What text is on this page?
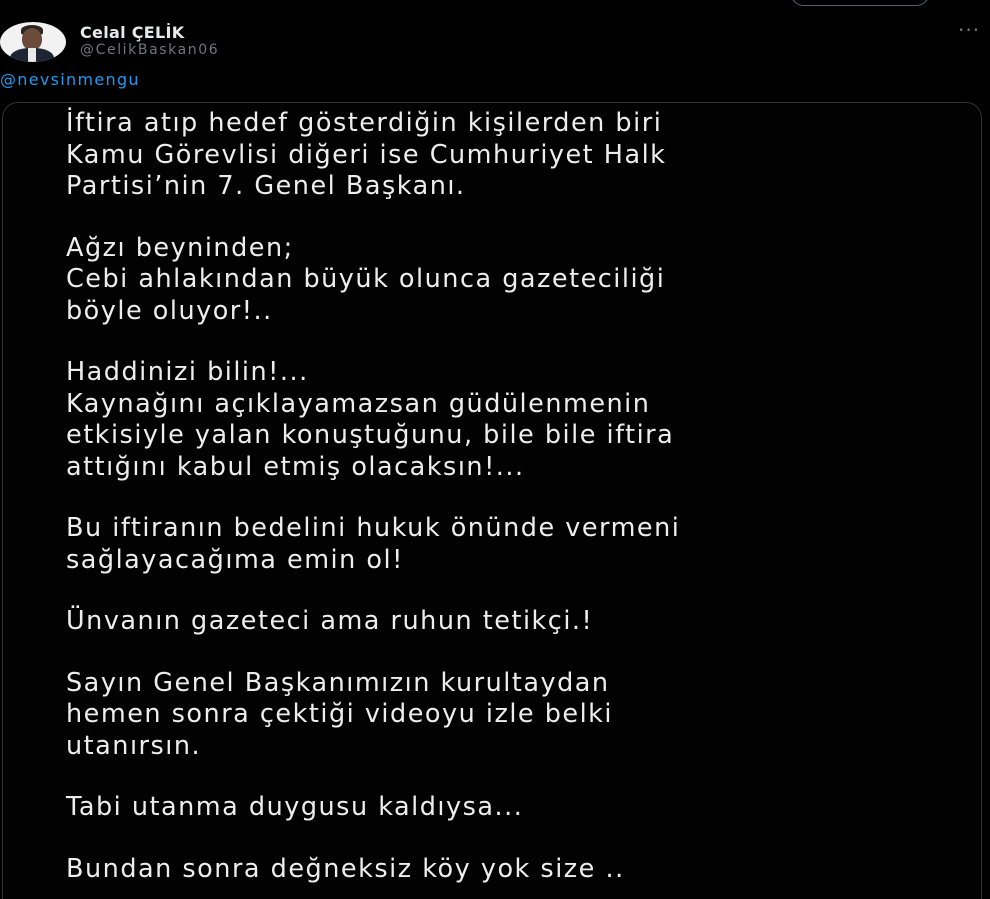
Celal ÇELİK
@CelikBaskan06
···
@nevsinmengu
İftira atıp hedef gösterdiğin kişilerden biri
Kamu Görevlisi diğeri ise Cumhuriyet Halk
Partisi’nin 7. Genel Başkanı.
Ağzı beyninden;
Cebi ahlakından büyük olunca gazeteciliği
böyle oluyor!..
Haddinizi bilin!...
Kaynağını açıklayamazsan güdülenmenin
etkisiyle yalan konuştuğunu, bile bile iftira
attığını kabul etmiş olacaksın!...
Bu iftiranın bedelini hukuk önünde vermeni
sağlayacağıma emin ol!
Ünvanın gazeteci ama ruhun tetikçi.!
Sayın Genel Başkanımızın kurultaydan
hemen sonra çektiği videoyu izle belki
utanırsın.
Tabi utanma duygusu kaldıysa...
Bundan sonra değneksiz köy yok size ..
